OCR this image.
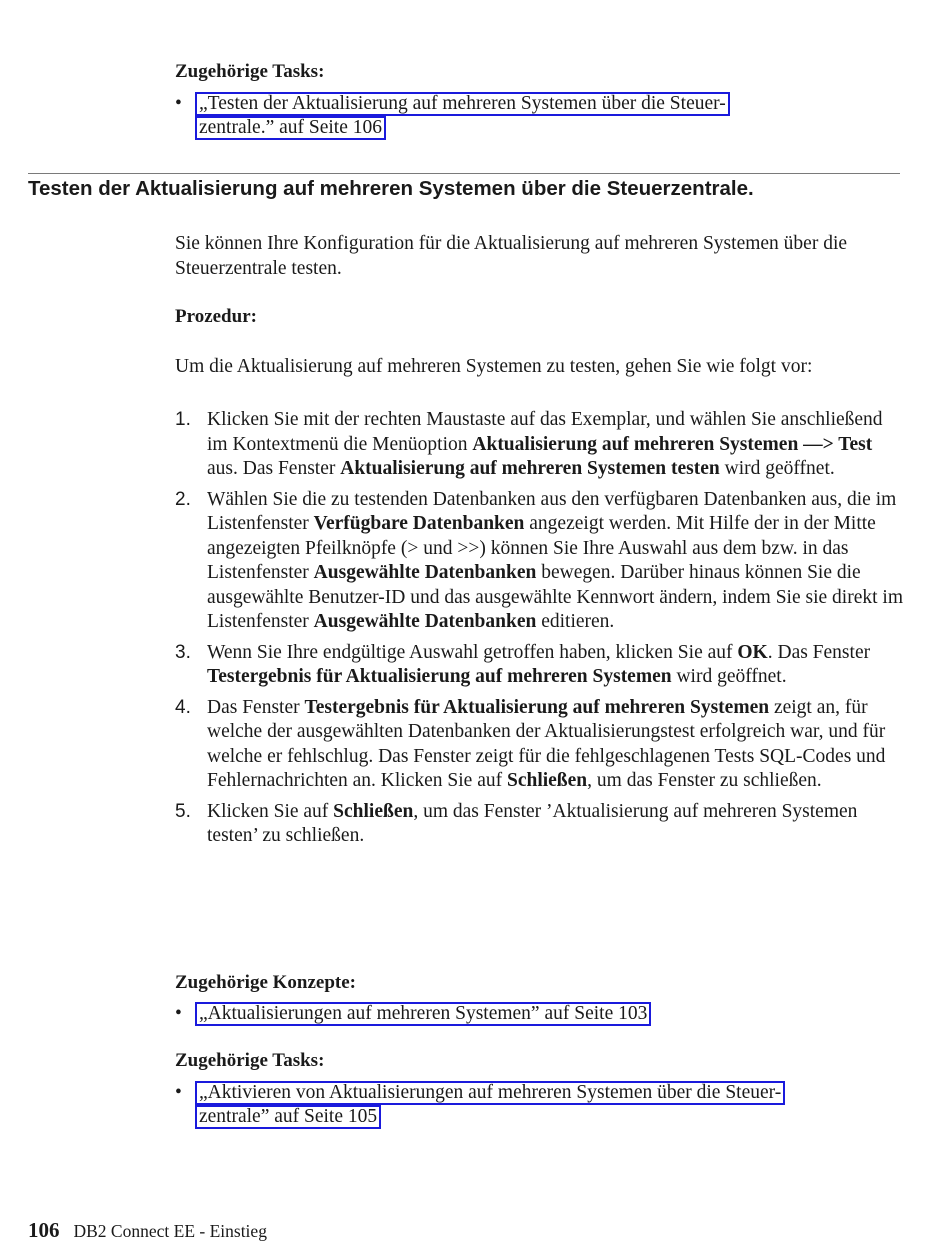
Zugehörige Tasks:
• „Testen der Aktualisierung auf mehreren Systemen über die Steuer-
zentrale.” auf Seite 106
Testen der Aktualisierung auf mehreren Systemen über die Steuerzentrale.
Sie können Ihre Konfiguration für die Aktualisierung auf mehreren Systemen über die Steuerzentrale testen.
Prozedur:
Um die Aktualisierung auf mehreren Systemen zu testen, gehen Sie wie folgt vor:
1. Klicken Sie mit der rechten Maustaste auf das Exemplar, und wählen Sie anschließend im Kontextmenü die Menüoption Aktualisierung auf mehreren Systemen —> Test aus. Das Fenster Aktualisierung auf mehreren Systemen testen wird geöffnet.
2. Wählen Sie die zu testenden Datenbanken aus den verfügbaren Datenbanken aus, die im Listenfenster Verfügbare Datenbanken angezeigt werden. Mit Hilfe der in der Mitte angezeigten Pfeilknöpfe (> und >>) können Sie Ihre Auswahl aus dem bzw. in das Listenfenster Ausgewählte Datenbanken bewegen. Darüber hinaus können Sie die ausgewählte Benutzer-ID und das ausgewählte Kennwort ändern, indem Sie sie direkt im Listenfenster Ausgewählte Datenbanken editieren.
3. Wenn Sie Ihre endgültige Auswahl getroffen haben, klicken Sie auf OK. Das Fenster Testergebnis für Aktualisierung auf mehreren Systemen wird geöffnet.
4. Das Fenster Testergebnis für Aktualisierung auf mehreren Systemen zeigt an, für welche der ausgewählten Datenbanken der Aktualisierungstest erfolgreich war, und für welche er fehlschlug. Das Fenster zeigt für die fehlgeschlagenen Tests SQL-Codes und Fehlernachrichten an. Klicken Sie auf Schließen, um das Fenster zu schließen.
5. Klicken Sie auf Schließen, um das Fenster ’Aktualisierung auf mehreren Systemen testen’ zu schließen.
Zugehörige Konzepte:
• „Aktualisierungen auf mehreren Systemen” auf Seite 103
Zugehörige Tasks:
• „Aktivieren von Aktualisierungen auf mehreren Systemen über die Steuer-
zentrale” auf Seite 105
106 DB2 Connect EE - Einstieg
